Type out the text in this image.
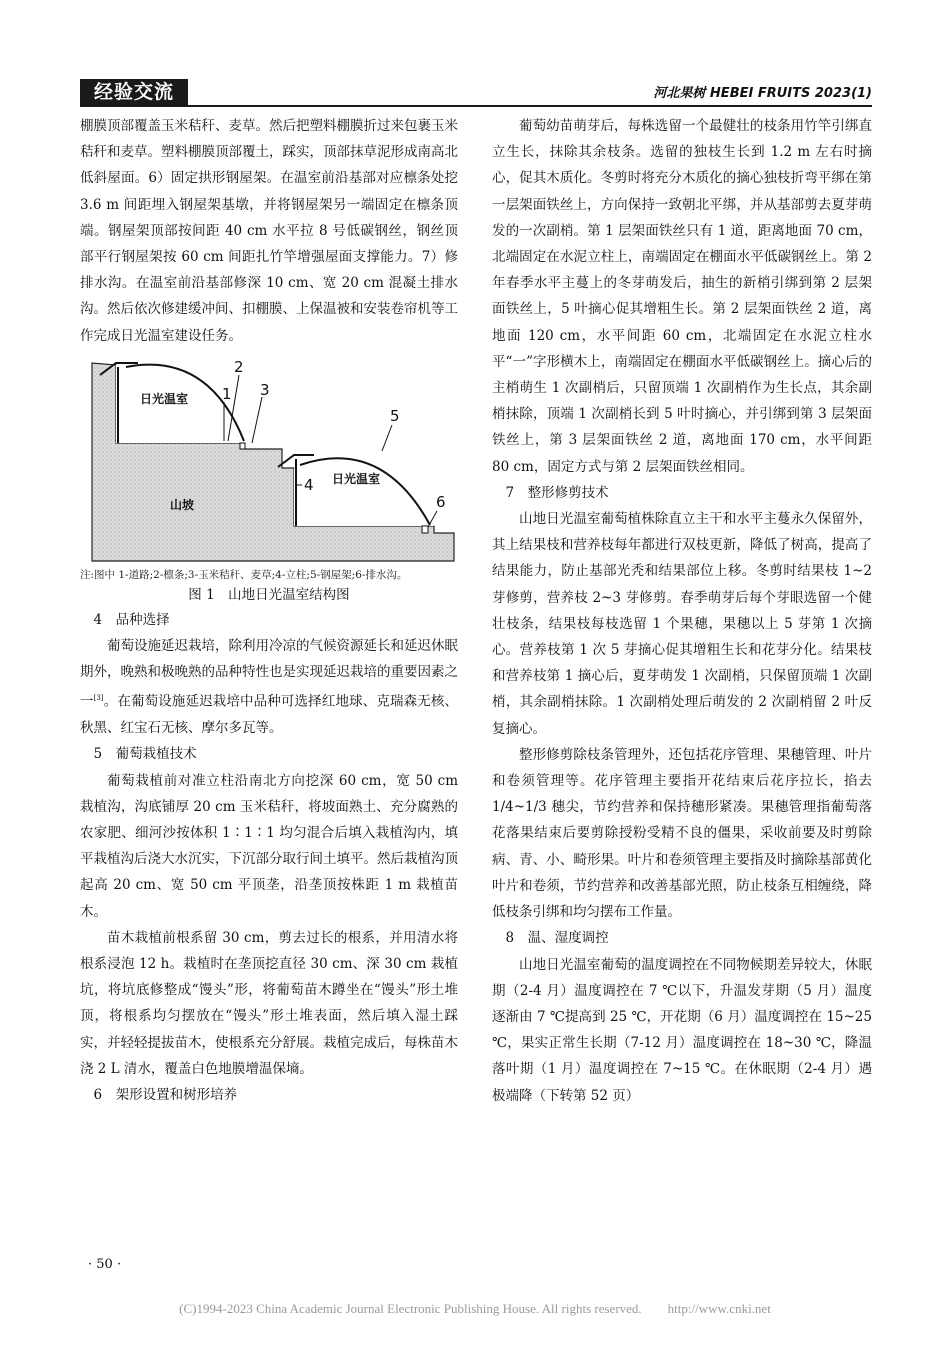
经验交流	河北果树 HEBEI FRUITS 2023(1)

棚膜顶部覆盖玉米秸秆、麦草。然后把塑料棚膜折过来包裹玉米秸秆和麦草。塑料棚膜顶部覆土，踩实，顶部抹草泥形成南高北低斜屋面。6）固定拱形钢屋架。在温室前沿基部对应檩条处挖 3.6 m 间距埋入钢屋架基墩，并将钢屋架另一端固定在檩条顶端。钢屋架顶部按间距 40 cm 水平拉 8 号低碳钢丝，钢丝顶部平行钢屋架按 60 cm 间距扎竹竿增强屋面支撑能力。7）修排水沟。在温室前沿基部修深 10 cm、宽 20 cm 混凝土排水沟。然后依次修建缓冲间、扣棚膜、上保温被和安装卷帘机等工作完成日光温室建设任务。

日光温室
日光温室
山坡
1
2
3
4
5
6

注:图中 1-道路;2-檩条;3-玉米秸秆、麦草;4-立柱;5-钢屋架;6-排水沟。

图 1　山地日光温室结构图

4　品种选择

葡萄设施延迟栽培，除利用冷凉的气候资源延长和延迟休眠期外，晚熟和极晚熟的品种特性也是实现延迟栽培的重要因素之一[3]。在葡萄设施延迟栽培中品种可选择红地球、克瑞森无核、秋黑、红宝石无核、摩尔多瓦等。

5　葡萄栽植技术

葡萄栽植前对准立柱沿南北方向挖深 60 cm，宽 50 cm 栽植沟，沟底铺厚 20 cm 玉米秸秆，将坡面熟土、充分腐熟的农家肥、细河沙按体积 1∶1∶1 均匀混合后填入栽植沟内，填平栽植沟后浇大水沉实，下沉部分取行间土填平。然后栽植沟顶起高 20 cm、宽 50 cm 平顶垄，沿垄顶按株距 1 m 栽植苗木。

苗木栽植前根系留 30 cm，剪去过长的根系，并用清水将根系浸泡 12 h。栽植时在垄顶挖直径 30 cm、深 30 cm 栽植坑，将坑底修整成“馒头”形，将葡萄苗木蹲坐在“馒头”形土堆顶，将根系均匀摆放在“馒头”形土堆表面，然后填入湿土踩实，并轻轻提拔苗木，使根系充分舒展。栽植完成后，每株苗木浇 2 L 清水，覆盖白色地膜增温保墒。

6　架形设置和树形培养

葡萄幼苗萌芽后，每株选留一个最健壮的枝条用竹竿引绑直立生长，抹除其余枝条。选留的独枝生长到 1.2 m 左右时摘心，促其木质化。冬剪时将充分木质化的摘心独枝折弯平绑在第一层架面铁丝上，方向保持一致朝北平绑，并从基部剪去夏芽萌发的一次副梢。第 1 层架面铁丝只有 1 道，距离地面 70 cm，北端固定在水泥立柱上，南端固定在棚面水平低碳钢丝上。第 2 年春季水平主蔓上的冬芽萌发后，抽生的新梢引绑到第 2 层架面铁丝上，5 叶摘心促其增粗生长。第 2 层架面铁丝 2 道，离地面 120 cm，水平间距 60 cm，北端固定在水泥立柱水平“一”字形横木上，南端固定在棚面水平低碳钢丝上。摘心后的主梢萌生 1 次副梢后，只留顶端 1 次副梢作为生长点，其余副梢抹除，顶端 1 次副梢长到 5 叶时摘心，并引绑到第 3 层架面铁丝上，第 3 层架面铁丝 2 道，离地面 170 cm，水平间距 80 cm，固定方式与第 2 层架面铁丝相同。

7　整形修剪技术

山地日光温室葡萄植株除直立主干和水平主蔓永久保留外，其上结果枝和营养枝每年都进行双枝更新，降低了树高，提高了结果能力，防止基部光秃和结果部位上移。冬剪时结果枝 1~2 芽修剪，营养枝 2~3 芽修剪。春季萌芽后每个芽眼选留一个健壮枝条，结果枝每枝选留 1 个果穗，果穗以上 5 芽第 1 次摘心。营养枝第 1 次 5 芽摘心促其增粗生长和花芽分化。结果枝和营养枝第 1 摘心后，夏芽萌发 1 次副梢，只保留顶端 1 次副梢，其余副梢抹除。1 次副梢处理后萌发的 2 次副梢留 2 叶反复摘心。

整形修剪除枝条管理外，还包括花序管理、果穗管理、叶片和卷须管理等。花序管理主要指开花结束后花序拉长，掐去 1/4~1/3 穗尖，节约营养和保持穗形紧凑。果穗管理指葡萄落花落果结束后要剪除授粉受精不良的僵果，采收前要及时剪除病、青、小、畸形果。叶片和卷须管理主要指及时摘除基部黄化叶片和卷须，节约营养和改善基部光照，防止枝条互相缠绕，降低枝条引绑和均匀摆布工作量。

8　温、湿度调控

山地日光温室葡萄的温度调控在不同物候期差异较大，休眠期（2-4 月）温度调控在 7 ℃以下，升温发芽期（5 月）温度逐渐由 7 ℃提高到 25 ℃，开花期（6 月）温度调控在 15~25 ℃，果实正常生长期（7-12 月）温度调控在 18~30 ℃，降温落叶期（1 月）温度调控在 7~15 ℃。在休眠期（2-4 月）遇极端降（下转第 52 页）

· 50 ·
(C)1994-2023 China Academic Journal Electronic Publishing House. All rights reserved.　　http://www.cnki.net
